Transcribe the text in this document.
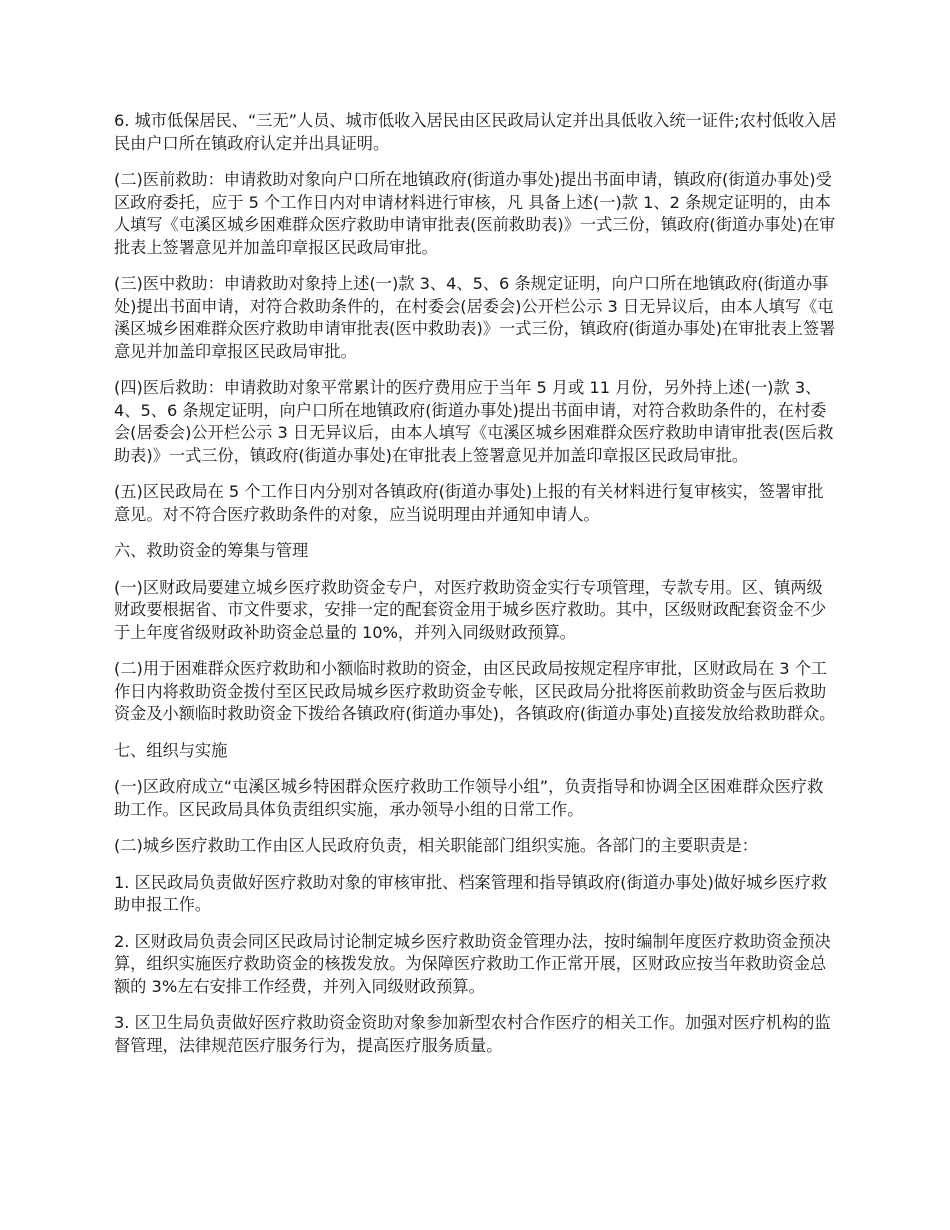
6. 城市低保居民、“三无”人员、城市低收入居民由区民政局认定并出具低收入统一证件;农村低收入居民由户口所在镇政府认定并出具证明。

(二)医前救助：申请救助对象向户口所在地镇政府(街道办事处)提出书面申请，镇政府(街道办事处)受区政府委托，应于 5 个工作日内对申请材料进行审核，凡 具备上述(一)款 1、2 条规定证明的，由本人填写《屯溪区城乡困难群众医疗救助申请审批表(医前救助表)》一式三份，镇政府(街道办事处)在审批表上签署意见并加盖印章报区民政局审批。

(三)医中救助：申请救助对象持上述(一)款 3、4、5、6 条规定证明，向户口所在地镇政府(街道办事处)提出书面申请，对符合救助条件的，在村委会(居委会)公开栏公示 3 日无异议后，由本人填写《屯溪区城乡困难群众医疗救助申请审批表(医中救助表)》一式三份，镇政府(街道办事处)在审批表上签署意见并加盖印章报区民政局审批。

(四)医后救助：申请救助对象平常累计的医疗费用应于当年 5 月或 11 月份，另外持上述(一)款 3、4、5、6 条规定证明，向户口所在地镇政府(街道办事处)提出书面申请，对符合救助条件的，在村委会(居委会)公开栏公示 3 日无异议后，由本人填写《屯溪区城乡困难群众医疗救助申请审批表(医后救助表)》一式三份，镇政府(街道办事处)在审批表上签署意见并加盖印章报区民政局审批。

(五)区民政局在 5 个工作日内分别对各镇政府(街道办事处)上报的有关材料进行复审核实，签署审批意见。对不符合医疗救助条件的对象，应当说明理由并通知申请人。

六、救助资金的筹集与管理

(一)区财政局要建立城乡医疗救助资金专户，对医疗救助资金实行专项管理，专款专用。区、镇两级财政要根据省、市文件要求，安排一定的配套资金用于城乡医疗救助。其中，区级财政配套资金不少于上年度省级财政补助资金总量的 10%，并列入同级财政预算。

(二)用于困难群众医疗救助和小额临时救助的资金，由区民政局按规定程序审批，区财政局在 3 个工作日内将救助资金拨付至区民政局城乡医疗救助资金专帐，区民政局分批将医前救助资金与医后救助资金及小额临时救助资金下拨给各镇政府(街道办事处)，各镇政府(街道办事处)直接发放给救助群众。

七、组织与实施

(一)区政府成立“屯溪区城乡特困群众医疗救助工作领导小组”，负责指导和协调全区困难群众医疗救助工作。区民政局具体负责组织实施，承办领导小组的日常工作。

(二)城乡医疗救助工作由区人民政府负责，相关职能部门组织实施。各部门的主要职责是：

1. 区民政局负责做好医疗救助对象的审核审批、档案管理和指导镇政府(街道办事处)做好城乡医疗救助申报工作。

2. 区财政局负责会同区民政局讨论制定城乡医疗救助资金管理办法，按时编制年度医疗救助资金预决算，组织实施医疗救助资金的核拨发放。为保障医疗救助工作正常开展，区财政应按当年救助资金总额的 3%左右安排工作经费，并列入同级财政预算。

3. 区卫生局负责做好医疗救助资金资助对象参加新型农村合作医疗的相关工作。加强对医疗机构的监督管理，法律规范医疗服务行为，提高医疗服务质量。
